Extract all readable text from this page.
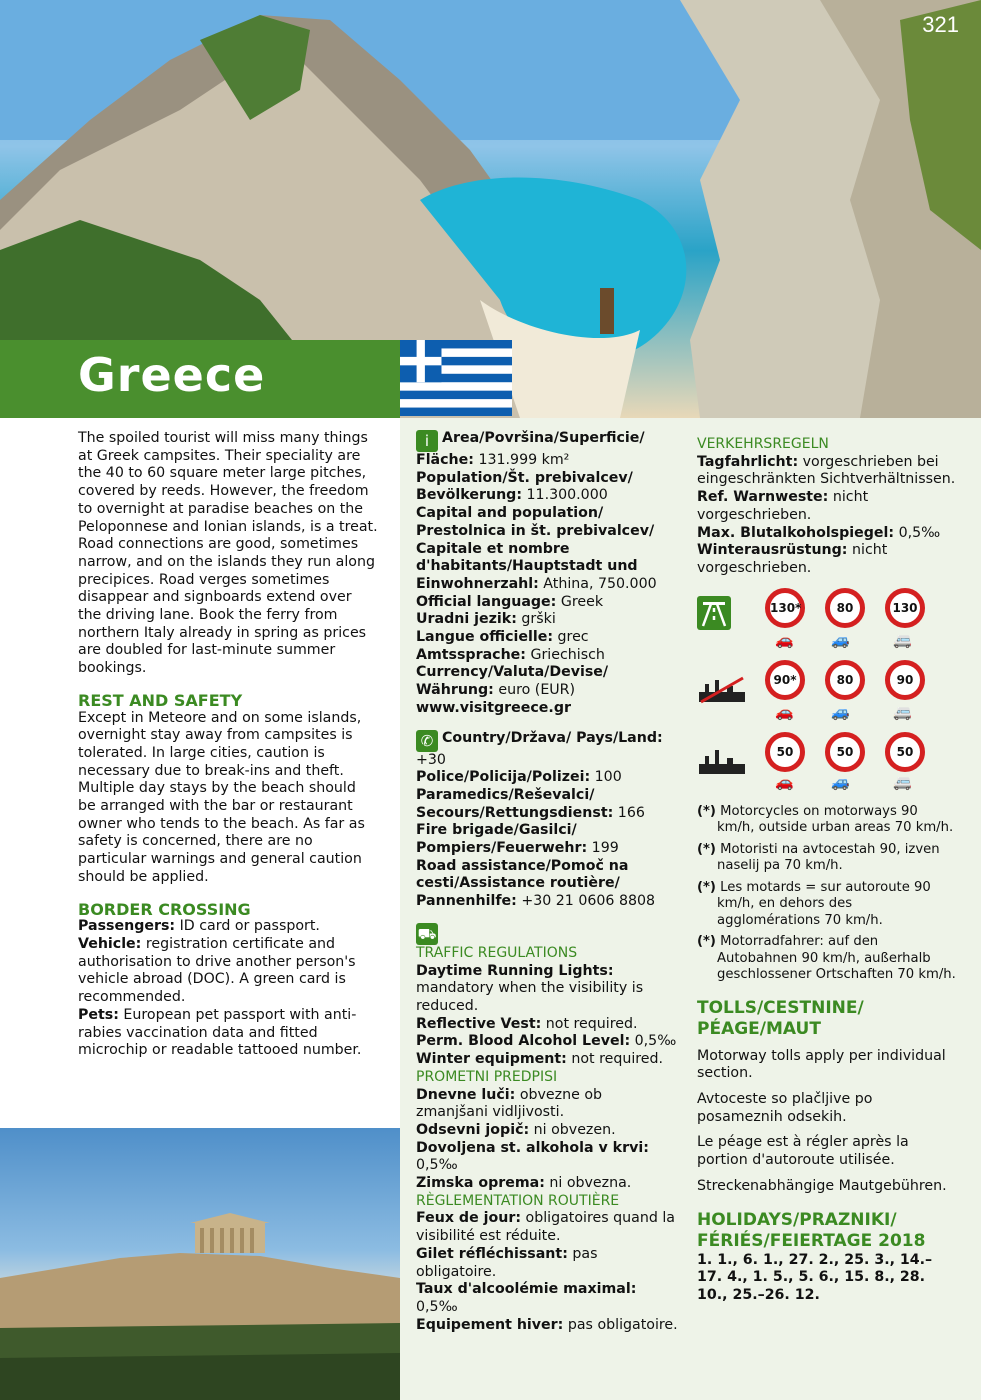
321
Greece

The spoiled tourist will miss many things at Greek campsites. Their speciality are the 40 to 60 square meter large pitches, covered by reeds. However, the freedom to overnight at paradise beaches on the Peloponnese and Ionian islands, is a treat.

Road connections are good, sometimes narrow, and on the islands they run along precipices. Road verges sometimes disappear and signboards extend over the driving lane. Book the ferry from northern Italy already in spring as prices are doubled for last-minute summer bookings.

REST AND SAFETY

Except in Meteore and on some islands, overnight stay away from campsites is tolerated. In large cities, caution is necessary due to break-ins and theft. Multiple day stays by the beach should be arranged with the bar or restaurant owner who tends to the beach. As far as safety is concerned, there are no particular warnings and general caution should be applied.

BORDER CROSSING

Passengers: ID card or passport.

Vehicle: registration certificate and authorisation to drive another person's vehicle abroad (DOC). A green card is recommended.

Pets: European pet passport with anti-rabies vaccination data and fitted microchip or readable tattooed number.

i Area/Površina/Superficie/ Fläche: 131.999 km²

Population/Št. prebivalcev/ Bevölkerung: 11.300.000

Capital and population/ Prestolnica in št. prebivalcev/ Capitale et nombre d'habitants/Hauptstadt und Einwohnerzahl: Athina, 750.000

Official language: Greek

Uradni jezik: grški

Langue officielle: grec

Amtssprache: Griechisch

Currency/Valuta/Devise/ Währung: euro (EUR)

www.visitgreece.gr

✆ Country/Država/ Pays/Land: +30

Police/Policija/Polizei: 100

Paramedics/Reševalci/ Secours/Rettungsdienst: 166

Fire brigade/Gasilci/ Pompiers/Feuerwehr: 199

Road assistance/Pomoč na cesti/Assistance routière/ Pannenhilfe: +30 21 0606 8808

⛟
TRAFFIC REGULATIONS

Daytime Running Lights: mandatory when the visibility is reduced.

Reflective Vest: not required.

Perm. Blood Alcohol Level: 0,5‰

Winter equipment: not required.

PROMETNI PREDPISI

Dnevne luči: obvezne ob zmanjšani vidljivosti.

Odsevni jopič: ni obvezen.

Dovoljena st. alkohola v krvi: 0,5‰

Zimska oprema: ni obvezna.

RÈGLEMENTATION ROUTIÈRE

Feux de jour: obligatoires quand la visibilité est réduite.

Gilet réfléchissant: pas obligatoire.

Taux d'alcoolémie maximal: 0,5‰

Equipement hiver: pas obligatoire.

VERKEHRSREGELN

Tagfahrlicht: vorgeschrieben bei eingeschränkten Sichtverhältnissen.

Ref. Warnweste: nicht vorgeschrieben.

Max. Blutalkoholspiegel: 0,5‰

Winterausrüstung: nicht vorgeschrieben.

130*	80	130
🚗 🚙	🚐
90*	80	90
🚗 🚙	🚐
50	50	50
🚗 🚙	🚐

(*) Motorcycles on motorways 90 km/h, outside urban areas 70 km/h.

(*) Motoristi na avtocestah 90, izven naselij pa 70 km/h.

(*) Les motards = sur autoroute 90 km/h, en dehors des agglomérations 70 km/h.

(*) Motorradfahrer: auf den Autobahnen 90 km/h, außerhalb geschlossener Ortschaften 70 km/h.

TOLLS/CESTNINE/ PÉAGE/MAUT

Motorway tolls apply per individual section.

Avtoceste so plačljive po posameznih odsekih.

Le péage est à régler après la portion d'autoroute utilisée.

Streckenabhängige Mautgebühren.

HOLIDAYS/PRAZNIKI/ FÉRIÉS/FEIERTAGE 2018

1. 1., 6. 1., 27. 2., 25. 3., 14.–17. 4., 1. 5., 5. 6., 15. 8., 28. 10., 25.–26. 12.
